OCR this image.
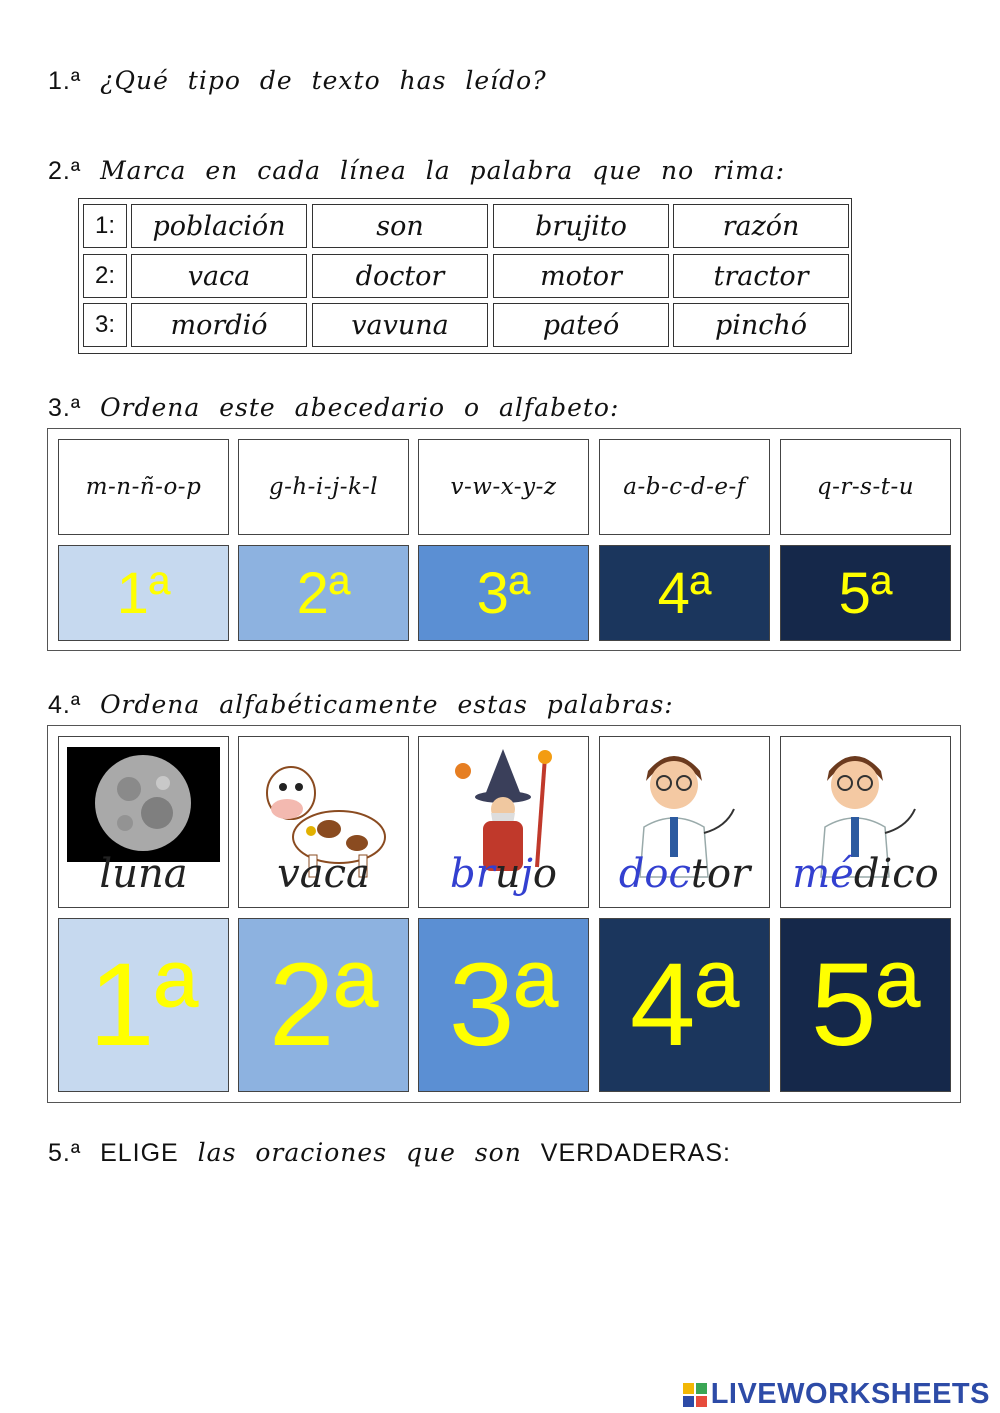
1.ª ¿Qué tipo de texto has leído?
2.ª Marca en cada línea la palabra que no rima:
1:	población	son	brujito	razón
2:	vaca	doctor	motor	tractor
3:	mordió	vavuna	pateó	pinchó
3.ª Ordena este abecedario o alfabeto:
m-n-ñ-o-p	g-h-i-j-k-l	v-w-x-y-z	a-b-c-d-e-f	q-r-s-t-u
1ª 2ª 3ª 4ª 5ª
4.ª Ordena alfabéticamente estas palabras:
luna vaca brujo doctor médico
1ª 2ª 3ª 4ª 5ª
5.ª ELIGE las oraciones que son VERDADERAS:
LIVEWORKSHEETS
